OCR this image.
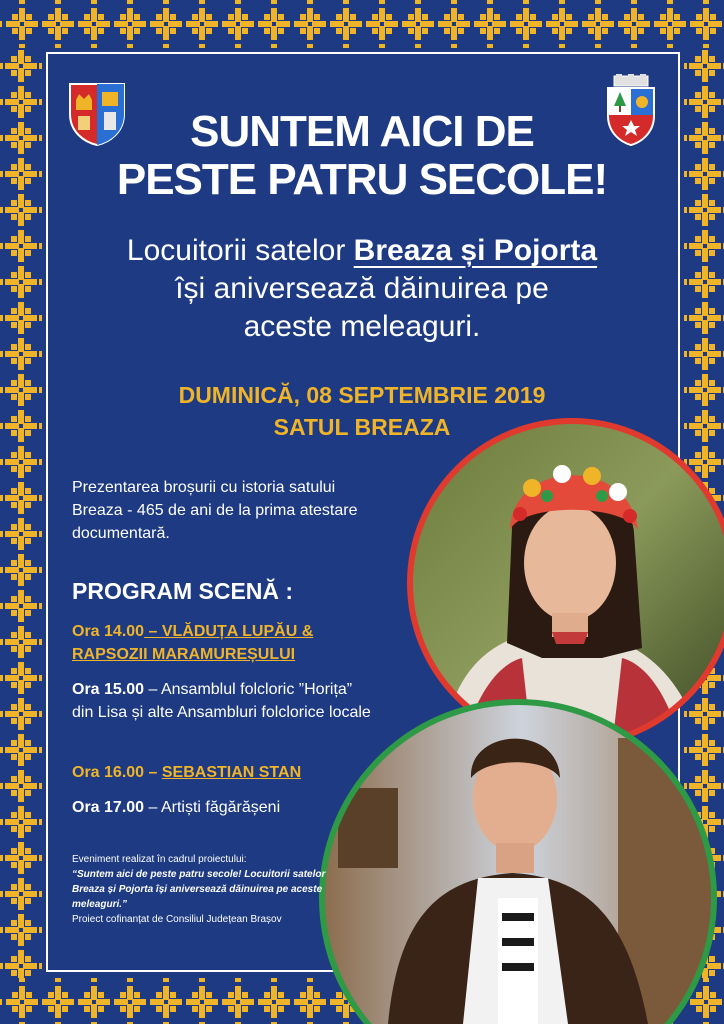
SUNTEM AICI DE
PESTE PATRU SECOLE!
Locuitorii satelor Breaza și Pojorta
își aniversează dăinuirea pe
aceste meleaguri.
DUMINICĂ, 08 SEPTEMBRIE 2019
SATUL BREAZA
Prezentarea broșurii cu istoria satului Breaza - 465 de ani de la prima atestare documentară.
PROGRAM SCENĂ :
Ora 14.00 – VLĂDUȚA LUPĂU & RAPSOZII MARAMUREȘULUI
Ora 15.00 – Ansamblul folcloric ”Horița” din Lisa și alte Ansambluri folclorice locale
Ora 16.00 – SEBASTIAN STAN
Ora 17.00 – Artiști făgărășeni
Eveniment realizat în cadrul proiectului:
“Suntem aici de peste patru secole! Locuitorii satelor Breaza și Pojorta își aniversează dăinuirea pe aceste meleaguri.”
Proiect cofinanțat de Consiliul Județean Brașov
